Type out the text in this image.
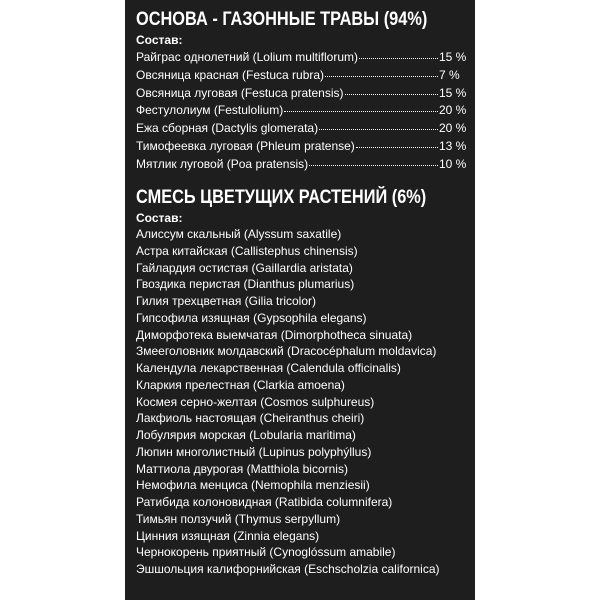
ОСНОВА - ГАЗОННЫЕ ТРАВЫ (94%)
Состав:
Райграс однолетний (Lolium multiflorum)	15 %
Овсяница красная (Festuca rubra)	7 %
Овсяница луговая (Festuca pratensis)	15 %
Фестулолиум (Festulolium)	20 %
Ежа сборная (Dactylis glomerata)	20 %
Тимофеевка луговая (Phleum pratense)	13 %
Мятлик луговой (Poa pratensis)	10 %
СМЕСЬ ЦВЕТУЩИХ РАСТЕНИЙ (6%)
Состав:
Алиссум скальный (Alyssum saxatile)
Астра китайская (Callistephus chinensis)
Гайлардия остистая (Gaillardia aristata)
Гвоздика перистая (Dianthus plumarius)
Гилия трехцветная (Gilia tricolor)
Гипсофила изящная (Gypsophila elegans)
Диморфотека выемчатая (Dimorphotheca sinuata)
Змееголовник молдавский (Dracocéphalum moldavica)
Календула лекарственная (Calendula officinalis)
Кларкия прелестная (Clarkia amoena)
Космея серно-желтая (Cosmos sulphureus)
Лакфиоль настоящая (Cheiranthus cheiri)
Лобулярия морская (Lobularia maritima)
Люпин многолистный (Lupinus polyphýllus)
Маттиола двурогая (Matthiola bicornis)
Немофила менциса (Nemophila menziesii)
Ратибида колоновидная (Ratibida columnifera)
Тимьян ползучий (Thymus serpyllum)
Цинния изящная (Zinnia elegans)
Чернокорень приятный (Cynoglóssum amabile)
Эшшольция калифорнийская (Eschscholzia californica)
